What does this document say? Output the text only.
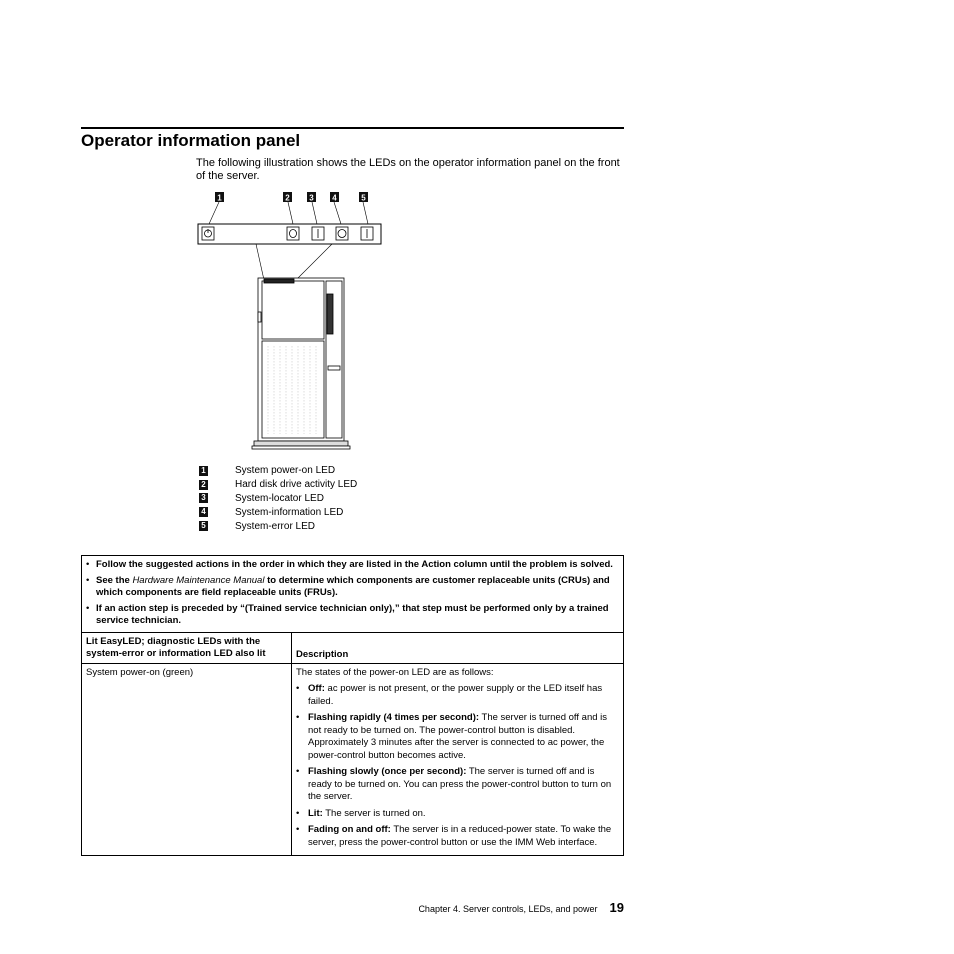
Operator information panel
The following illustration shows the LEDs on the operator information panel on the front of the server.
1	2 3 4	5
1	System power-on LED
2	Hard disk drive activity LED
3	System-locator LED
4	System-information LED
5	System-error LED
• Follow the suggested actions in the order in which they are listed in the Action column until the problem is solved.
• See the Hardware Maintenance Manual to determine which components are customer replaceable units (CRUs) and which components are field replaceable units (FRUs).
• If an action step is preceded by “(Trained service technician only),” that step must be performed only by a trained service technician.
Lit EasyLED; diagnostic LEDs with the system-error or information LED also lit	Description
System power-on (green)	The states of the power-on LED are as follows:
• Off: ac power is not present, or the power supply or the LED itself has failed.
• Flashing rapidly (4 times per second): The server is turned off and is not ready to be turned on. The power-control button is disabled. Approximately 3 minutes after the server is connected to ac power, the power-control button becomes active.
• Flashing slowly (once per second): The server is turned off and is ready to be turned on. You can press the power-control button to turn on the server.
• Lit: The server is turned on.
• Fading on and off: The server is in a reduced-power state. To wake the server, press the power-control button or use the IMM Web interface.
Chapter 4. Server controls, LEDs, and power 19
